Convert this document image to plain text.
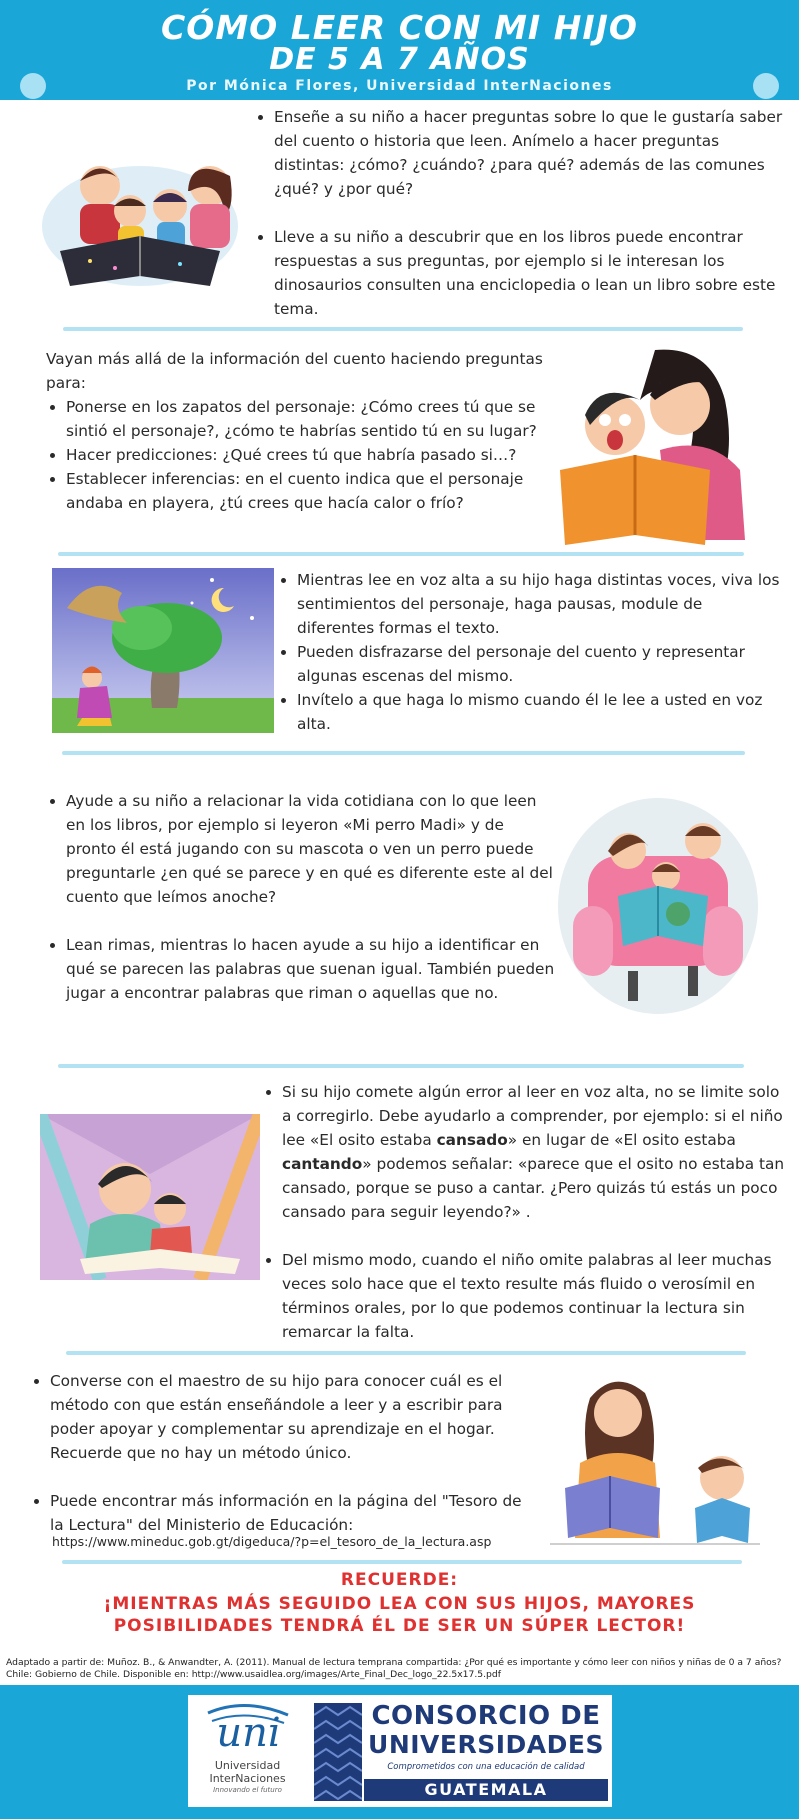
CÓMO LEER CON MI HIJO
DE 5 A 7 AÑOS
Por Mónica Flores, Universidad InterNaciones
• Enseñe a su niño a hacer preguntas sobre lo que le gustaría saber del cuento o historia que leen. Anímelo a hacer preguntas distintas: ¿cómo? ¿cuándo? ¿para qué? además de las comunes ¿qué? y ¿por qué?
• Lleve a su niño a descubrir que en los libros puede encontrar respuestas a sus preguntas, por ejemplo si le interesan los dinosaurios consulten una enciclopedia o lean un libro sobre este tema.

Vayan más allá de la información del cuento haciendo preguntas para:

• Ponerse en los zapatos del personaje: ¿Cómo crees tú que se sintió el personaje?, ¿cómo te habrías sentido tú en su lugar?
• Hacer predicciones: ¿Qué crees tú que habría pasado si…?
• Establecer inferencias: en el cuento indica que el personaje andaba en playera, ¿tú crees que hacía calor o frío?
• Mientras lee en voz alta a su hijo haga distintas voces, viva los sentimientos del personaje, haga pausas, module de diferentes formas el texto.
• Pueden disfrazarse del personaje del cuento y representar algunas escenas del mismo.
• Invítelo a que haga lo mismo cuando él le lee a usted en voz alta.
• Ayude a su niño a relacionar la vida cotidiana con lo que leen en los libros, por ejemplo si leyeron «Mi perro Madi» y de pronto él está jugando con su mascota o ven un perro puede preguntarle ¿en qué se parece y en qué es diferente este al del cuento que leímos anoche?
• Lean rimas, mientras lo hacen ayude a su hijo a identificar en qué se parecen las palabras que suenan igual. También pueden jugar a encontrar palabras que riman o aquellas que no.
• Si su hijo comete algún error al leer en voz alta, no se limite solo a corregirlo. Debe ayudarlo a comprender, por ejemplo: si el niño lee «El osito estaba cansado» en lugar de «El osito estaba cantando» podemos señalar: «parece que el osito no estaba tan cansado, porque se puso a cantar. ¿Pero quizás tú estás un poco cansado para seguir leyendo?» .
• Del mismo modo, cuando el niño omite palabras al leer muchas veces solo hace que el texto resulte más fluido o verosímil en términos orales, por lo que podemos continuar la lectura sin remarcar la falta.
• Converse con el maestro de su hijo para conocer cuál es el método con que están enseñándole a leer y a escribir para poder apoyar y complementar su aprendizaje en el hogar. Recuerde que no hay un método único.
• Puede encontrar más información en la página del "Tesoro de la Lectura" del Ministerio de Educación:
https://www.mineduc.gob.gt/digeduca/?p=el_tesoro_de_la_lectura.asp
RECUERDE:
¡MIENTRAS MÁS SEGUIDO LEA CON SUS HIJOS, MAYORES
POSIBILIDADES TENDRÁ ÉL DE SER UN SÚPER LECTOR!
Adaptado a partir de: Muñoz. B., & Anwandter, A. (2011). Manual de lectura temprana compartida: ¿Por qué es importante y cómo leer con niños y niñas de 0 a 7 años?
Chile: Gobierno de Chile. Disponible en: http://www.usaidlea.org/images/Arte_Final_Dec_logo_22.5x17.5.pdf
uni
Universidad
InterNaciones
Innovando el futuro
CONSORCIO DE
UNIVERSIDADES
Comprometidos con una educación de calidad
GUATEMALA
